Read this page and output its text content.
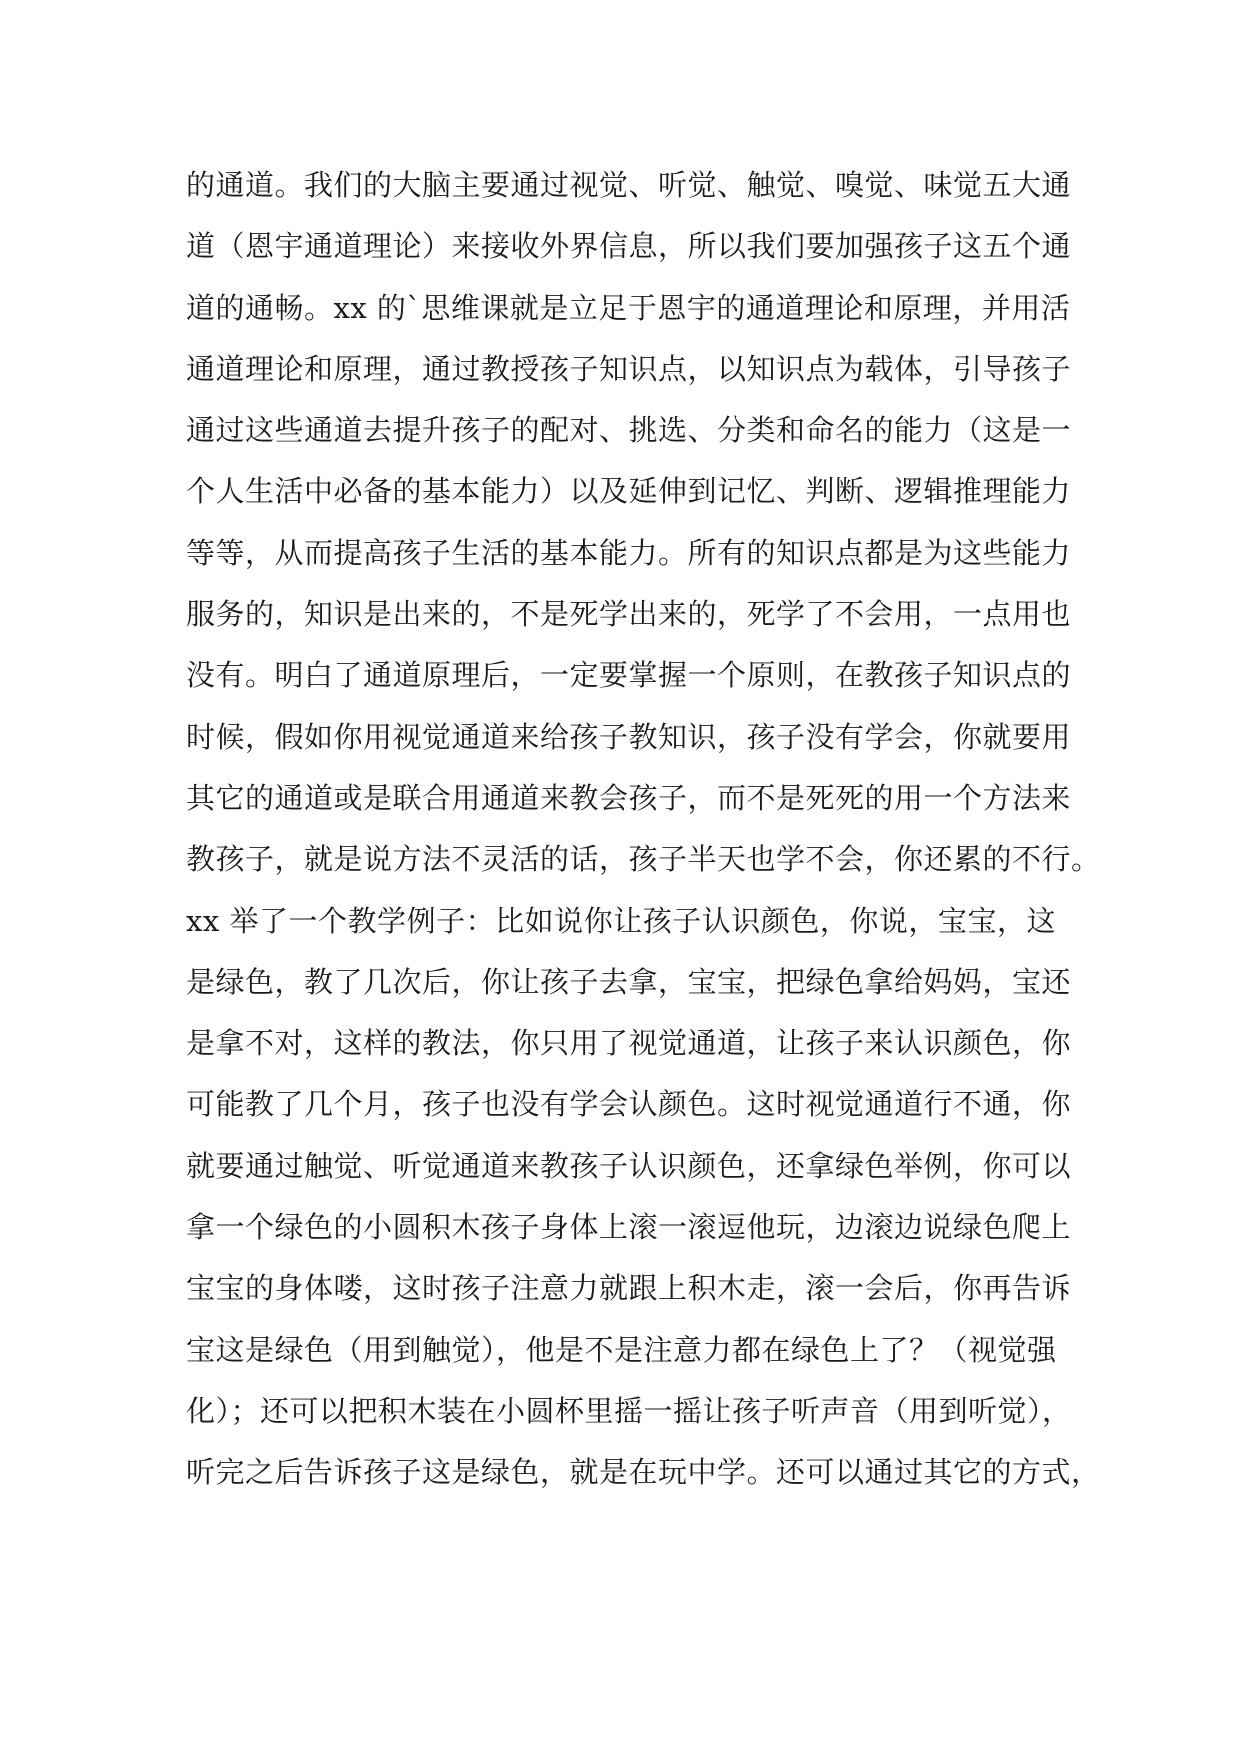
的通道。我们的大脑主要通过视觉、听觉、触觉、嗅觉、味觉五大通
道（恩宇通道理论）来接收外界信息，所以我们要加强孩子这五个通
道的通畅。xx 的`思维课就是立足于恩宇的通道理论和原理，并用活
通道理论和原理，通过教授孩子知识点，以知识点为载体，引导孩子
通过这些通道去提升孩子的配对、挑选、分类和命名的能力（这是一
个人生活中必备的基本能力）以及延伸到记忆、判断、逻辑推理能力
等等，从而提高孩子生活的基本能力。所有的知识点都是为这些能力
服务的，知识是出来的，不是死学出来的，死学了不会用，一点用也
没有。明白了通道原理后，一定要掌握一个原则，在教孩子知识点的
时候，假如你用视觉通道来给孩子教知识，孩子没有学会，你就要用
其它的通道或是联合用通道来教会孩子，而不是死死的用一个方法来
教孩子，就是说方法不灵活的话，孩子半天也学不会，你还累的不行。
xx 举了一个教学例子：比如说你让孩子认识颜色，你说，宝宝，这
是绿色，教了几次后，你让孩子去拿，宝宝，把绿色拿给妈妈，宝还
是拿不对，这样的教法，你只用了视觉通道，让孩子来认识颜色，你
可能教了几个月，孩子也没有学会认颜色。这时视觉通道行不通，你
就要通过触觉、听觉通道来教孩子认识颜色，还拿绿色举例，你可以
拿一个绿色的小圆积木孩子身体上滚一滚逗他玩，边滚边说绿色爬上
宝宝的身体喽，这时孩子注意力就跟上积木走，滚一会后，你再告诉
宝这是绿色（用到触觉），他是不是注意力都在绿色上了？（视觉强
化）；还可以把积木装在小圆杯里摇一摇让孩子听声音（用到听觉），
听完之后告诉孩子这是绿色，就是在玩中学。还可以通过其它的方式，
